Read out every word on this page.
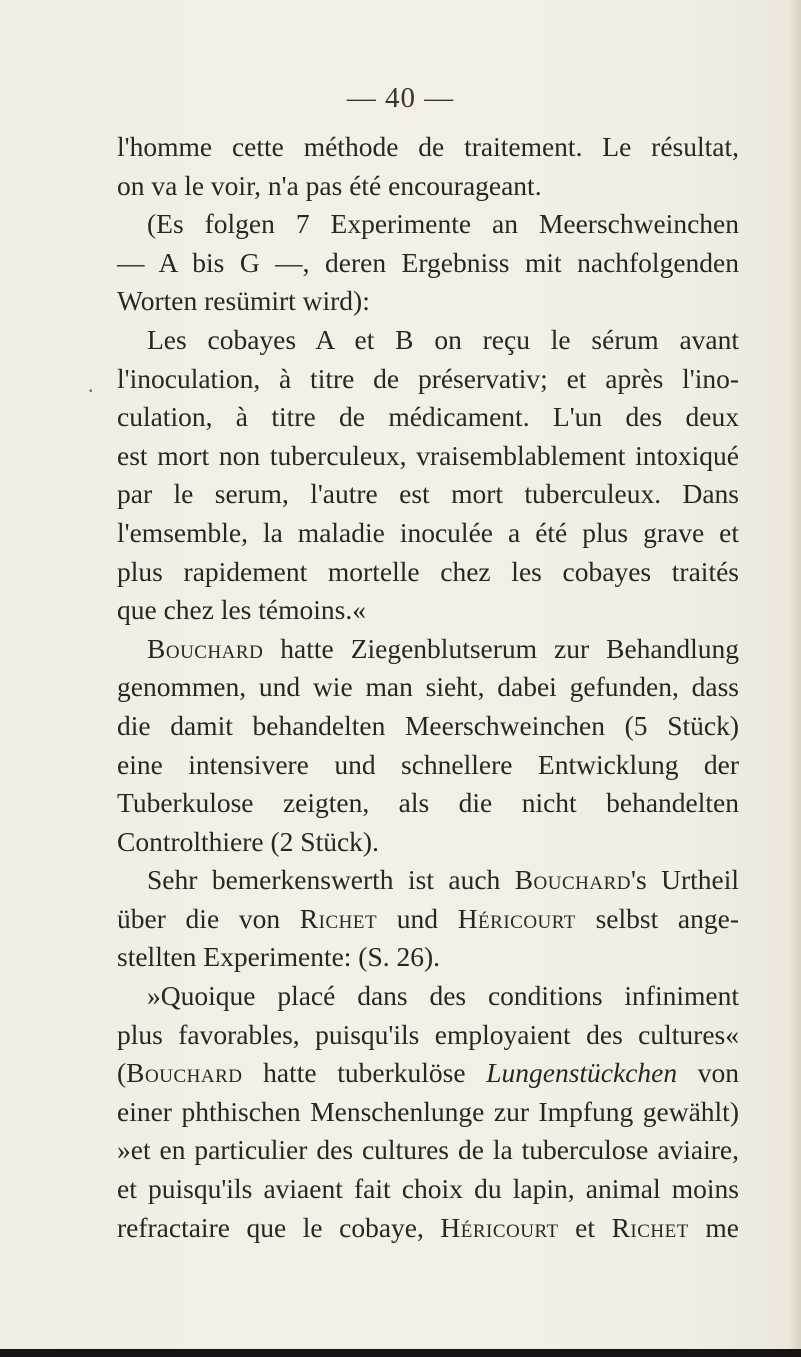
— 40 —
.
l'homme cette méthode de traitement. Le résultat,
on va le voir, n'a pas été encourageant.
(Es folgen 7 Experimente an Meerschweinchen
— A bis G —, deren Ergebniss mit nachfolgenden
Worten resümirt wird):
Les cobayes A et B on reçu le sérum avant
l'inoculation, à titre de préservativ; et après l'ino-
culation, à titre de médicament. L'un des deux
est mort non tuberculeux, vraisemblablement intoxiqué
par le serum, l'autre est mort tuberculeux. Dans
l'emsemble, la maladie inoculée a été plus grave et
plus rapidement mortelle chez les cobayes traités
que chez les témoins.«
Bouchard hatte Ziegenblutserum zur Behandlung
genommen, und wie man sieht, dabei gefunden, dass
die damit behandelten Meerschweinchen (5 Stück)
eine intensivere und schnellere Entwicklung der
Tuberkulose zeigten, als die nicht behandelten
Controlthiere (2 Stück).
Sehr bemerkenswerth ist auch Bouchard's Urtheil
über die von Richet und Héricourt selbst ange-
stellten Experimente: (S. 26).
»Quoique placé dans des conditions infiniment
plus favorables, puisqu'ils employaient des cultures«
(Bouchard hatte tuberkulöse Lungenstückchen von
einer phthischen Menschenlunge zur Impfung gewählt)
»et en particulier des cultures de la tuberculose aviaire,
et puisqu'ils aviaent fait choix du lapin, animal moins
refractaire que le cobaye, Héricourt et Richet me
